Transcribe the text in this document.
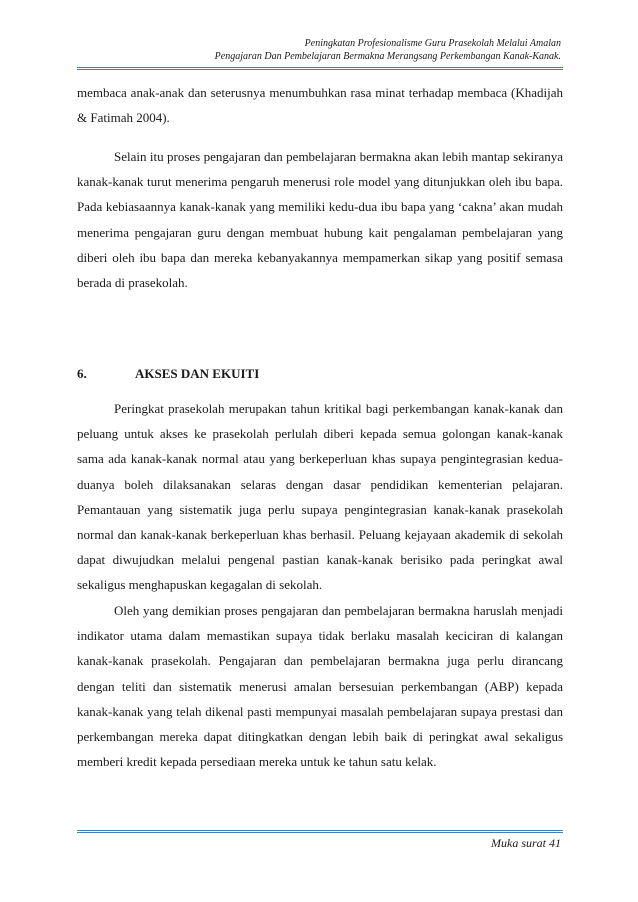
Peningkatan Profesionalisme Guru Prasekolah Melalui Amalan
Pengajaran Dan Pembelajaran Bermakna Merangsang Perkembangan Kanak-Kanak.

membaca anak-anak dan seterusnya menumbuhkan rasa minat terhadap membaca (Khadijah & Fatimah 2004).

Selain itu proses pengajaran dan pembelajaran bermakna akan lebih mantap sekiranya kanak-kanak turut menerima pengaruh menerusi role model yang ditunjukkan oleh ibu bapa. Pada kebiasaannya kanak-kanak yang memiliki kedu-dua ibu bapa yang ‘cakna’ akan mudah menerima pengajaran guru dengan membuat hubung kait pengalaman pembelajaran yang diberi oleh ibu bapa dan mereka kebanyakannya mempamerkan sikap yang positif semasa berada di prasekolah.

6.	AKSES DAN EKUITI

Peringkat prasekolah merupakan tahun kritikal bagi perkembangan kanak-kanak dan peluang untuk akses ke prasekolah perlulah diberi kepada semua golongan kanak-kanak sama ada kanak-kanak normal atau yang berkeperluan khas supaya pengintegrasian kedua-duanya boleh dilaksanakan selaras dengan dasar pendidikan kementerian pelajaran. Pemantauan yang sistematik juga perlu supaya pengintegrasian kanak-kanak prasekolah normal dan kanak-kanak berkeperluan khas berhasil. Peluang kejayaan akademik di sekolah dapat diwujudkan melalui pengenal pastian kanak-kanak berisiko pada peringkat awal sekaligus menghapuskan kegagalan di sekolah.

Oleh yang demikian proses pengajaran dan pembelajaran bermakna haruslah menjadi indikator utama dalam memastikan supaya tidak berlaku masalah keciciran di kalangan kanak-kanak prasekolah. Pengajaran dan pembelajaran bermakna juga perlu dirancang dengan teliti dan sistematik menerusi amalan bersesuian perkembangan (ABP) kepada kanak-kanak yang telah dikenal pasti mempunyai masalah pembelajaran supaya prestasi dan perkembangan mereka dapat ditingkatkan dengan lebih baik di peringkat awal sekaligus memberi kredit kepada persediaan mereka untuk ke tahun satu kelak.

Muka surat 41
